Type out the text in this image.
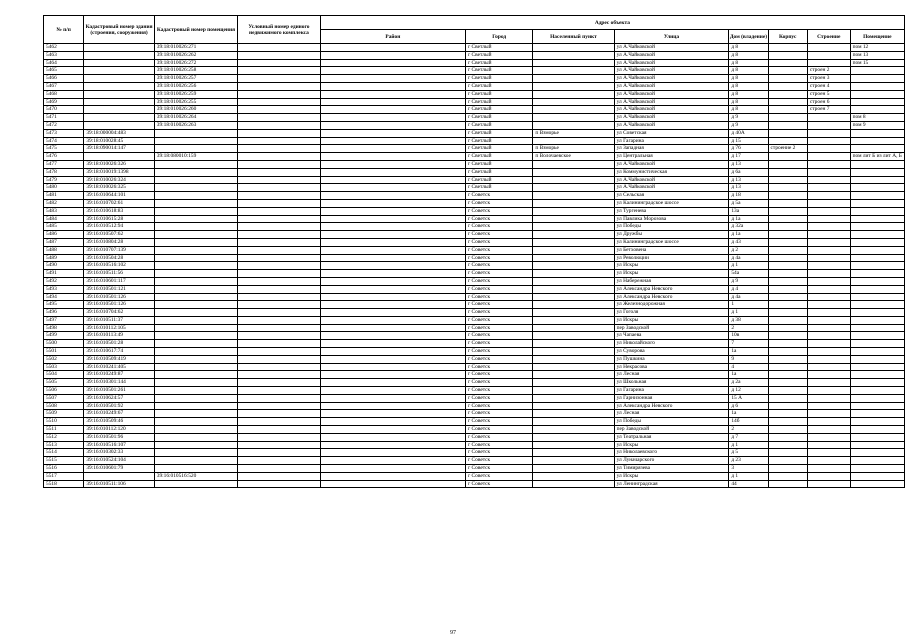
№ п/п	Кадастровый номер здания (строения, сооружения)	Кадастровый номер помещения	Условный номер единого недвижимого комплекса	Адрес объекта							
				Район	Город	Населенный пункт	Улица	Дом (владение)	Корпус	Строение	Помещение
5462		39:18:010026:271			г Светлый		ул А.Чайковской	д 8			пом 12
5463		39:18:010026:262			г Светлый		ул А.Чайковской	д 8			пом 13
5464		39:18:010026:272			г Светлый		ул А.Чайковской	д 8			пом 15
5465		39:18:010026:258			г Светлый		ул А.Чайковской	д 8		строен 2	
5466		39:18:010026:257			г Светлый		ул А.Чайковской	д 8		строен 3	
5467		39:18:010026:256			г Светлый		ул А.Чайковской	д 8		строен 4	
5468		39:18:010026:259			г Светлый		ул А.Чайковской	д 8		строен 5	
5469		39:18:010026:255			г Светлый		ул А.Чайковской	д 8		строен 6	
5470		39:18:010026:260			г Светлый		ул А.Чайковской	д 8		строен 7	
5471		39:18:010026:264			г Светлый		ул А.Чайковской	д 9			пом 8
5472		39:18:010026:263			г Светлый		ул А.Чайковской	д 9			пом 9
5473	39:18:000004:483				г Светлый	п Взморье	ул Советская	д 40А			
5474	39:18:010028:45				г Светлый		ул Гагарина	д 15			
5475	39:18:090014:147				г Светлый	п Взморье	ул Западная	д 76	строение 2		
5476		39:18:080010:159			г Светлый	п Волочаевское	ул Центральная	д 17			пом лит Б из лит А, Б
5477	39:18:010026:326				г Светлый		ул А.Чайковской	д 13			
5478	39:18:010019:1398				г Светлый		ул Коммунистическая	д 6а			
5479	39:18:010026:324				г Светлый		ул А.Чайковской	д 13			
5480	39:18:010026:325				г Светлый		ул А.Чайковской	д 13			
5481	39:16:010644:101				г Советск		ул Сельская	д 18			
5482	39:16:010702:61				г Советск		ул Калининградское шоссе	д 5а			
5483	39:16:010618:83				г Советск		ул Тургенева	13а			
5484	39:16:010615:28				г Советск		ул Павлика Морозова	д 1а			
5485	39:16:010512:94				г Советск		ул Победы	д 32а			
5486	39:16:010507:62				г Советск		ул Дружбы	д 1а			
5487	39:16:010804:28				г Советск		ул Калининградское шоссе	д 43			
5488	39:16:010707:139				г Советск		ул Бетховена	д 2			
5489	39:16:010504:28				г Советск		ул Революции	д 4а			
5490	39:16:010516:102				г Советск		ул Искры	д 1			
5491	39:16:010511:56				г Советск		ул Искры	54а			
5492	39:16:010601:117				г Советск		ул Набережная	д 9			
5493	39:16:010501:121				г Советск		ул Александра Невского	д 4			
5494	39:16:010501:126				г Советск		ул Александра Невского	д 4а			
5495	39:16:010501:126				г Советск		ул Железнодорожная	1			
5496	39:16:010704:62				г Советск		ул Гоголя	д 1			
5497	39:16:010511:37				г Советск		ул Искры	д 38			
5498	39:16:010112:105				г Советск		пер Заводской	2			
5499	39:16:010113:49				г Советск		ул Чапаева	10в			
5500	39:16:010501:28				г Советск		ул Николайского	7			
5501	39:16:010617:74				г Советск		ул Суворова	1а			
5502	39:16:010509:419				г Советск		ул Пушкина	9			
5503	39:16:010241:405				г Советск		ул Некрасова	4			
5504	39:16:010249:87				г Советск		ул Лесная	1а			
5505	39:16:010301:144				г Советск		ул Школьная	д 2а			
5506	39:16:010501:261				г Советск		ул Гагарина	д 12			
5507	39:16:010624:57				г Советск		ул Гарнизонная	15 А			
5508	39:16:010501:92				г Советск		ул Александра Невского	д 6			
5509	39:16:010249:67				г Советск		ул Лесная	1а			
5510	39:16:010509:46				г Советск		ул Победы	14б			
5511	39:16:010112:120				г Советск		пер Заводской	2			
5512	39:16:010501:96				г Советск		ул Театральная	д 7			
5513	39:16:010516:107				г Советск		ул Искры	д 1			
5514	39:16:010302:33				г Советск		ул Николаевского	д 5			
5515	39:16:010524:104				г Советск		ул Луначарского	д 23			
5516	39:16:010601:79				г Советск		ул Тимирязева	3			
5517		39:16:010516:520			г Советск		ул Искры	д 1			
5518	39:16:010511:106				г Советск		ул Ленинградская	44			
97
